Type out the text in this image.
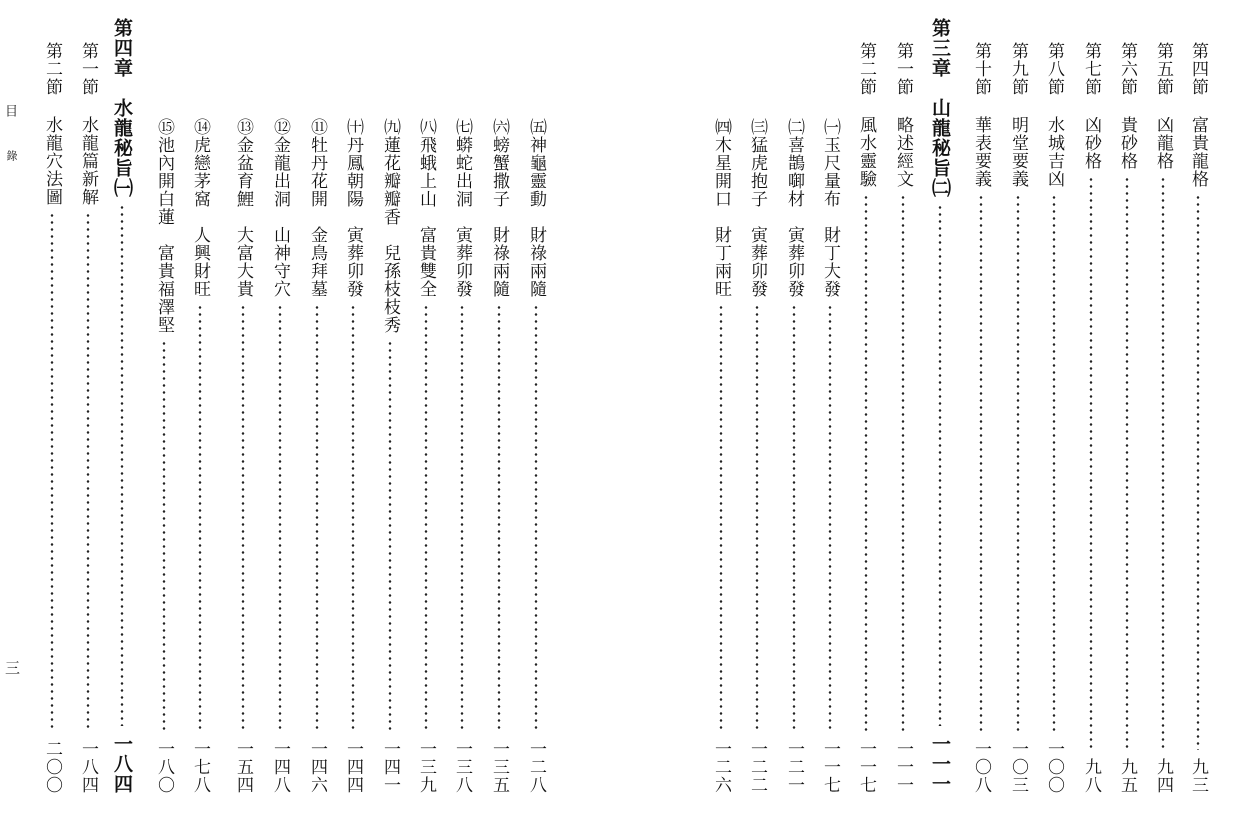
目
錄
三
㈤神龜靈動財祿兩隨
一二八
㈥螃蟹撒子財祿兩隨
一三五
㈦蟒蛇出洞寅葬卯發
一三八
㈧飛蛾上山富貴雙全
一三九
㈨蓮花瓣瓣香兒孫枝枝秀
一四一
㈩丹鳳朝陽寅葬卯發
一四四
⑪牡丹花開金鳥拜墓
一四六
⑫金龍出洞山神守穴
一四八
⑬金盆育鯉大富大貴
一五四
⑭虎戀茅窩人興財旺
一七八
⑮池內開白蓮富貴福澤堅
一八〇
第四章　水龍秘旨㈠
一八四
第一節水龍篇新解
一八四
第二節水龍穴法圖
二〇〇
第四節富貴龍格
九三
第五節凶龍格
九四
第六節貴砂格
九五
第七節凶砂格
九八
第八節水城吉凶
一〇〇
第九節明堂要義
一〇三
第十節華表要義
一〇八
第三章　山龍秘旨㈡
一一一
第一節略述經文
一一一
第二節風水靈驗
一一七
㈠玉尺量布財丁大發
一一七
㈡喜鵲啣材寅葬卯發
一二一
㈢猛虎抱子寅葬卯發
一二二
㈣木星開口財丁兩旺
一二六
